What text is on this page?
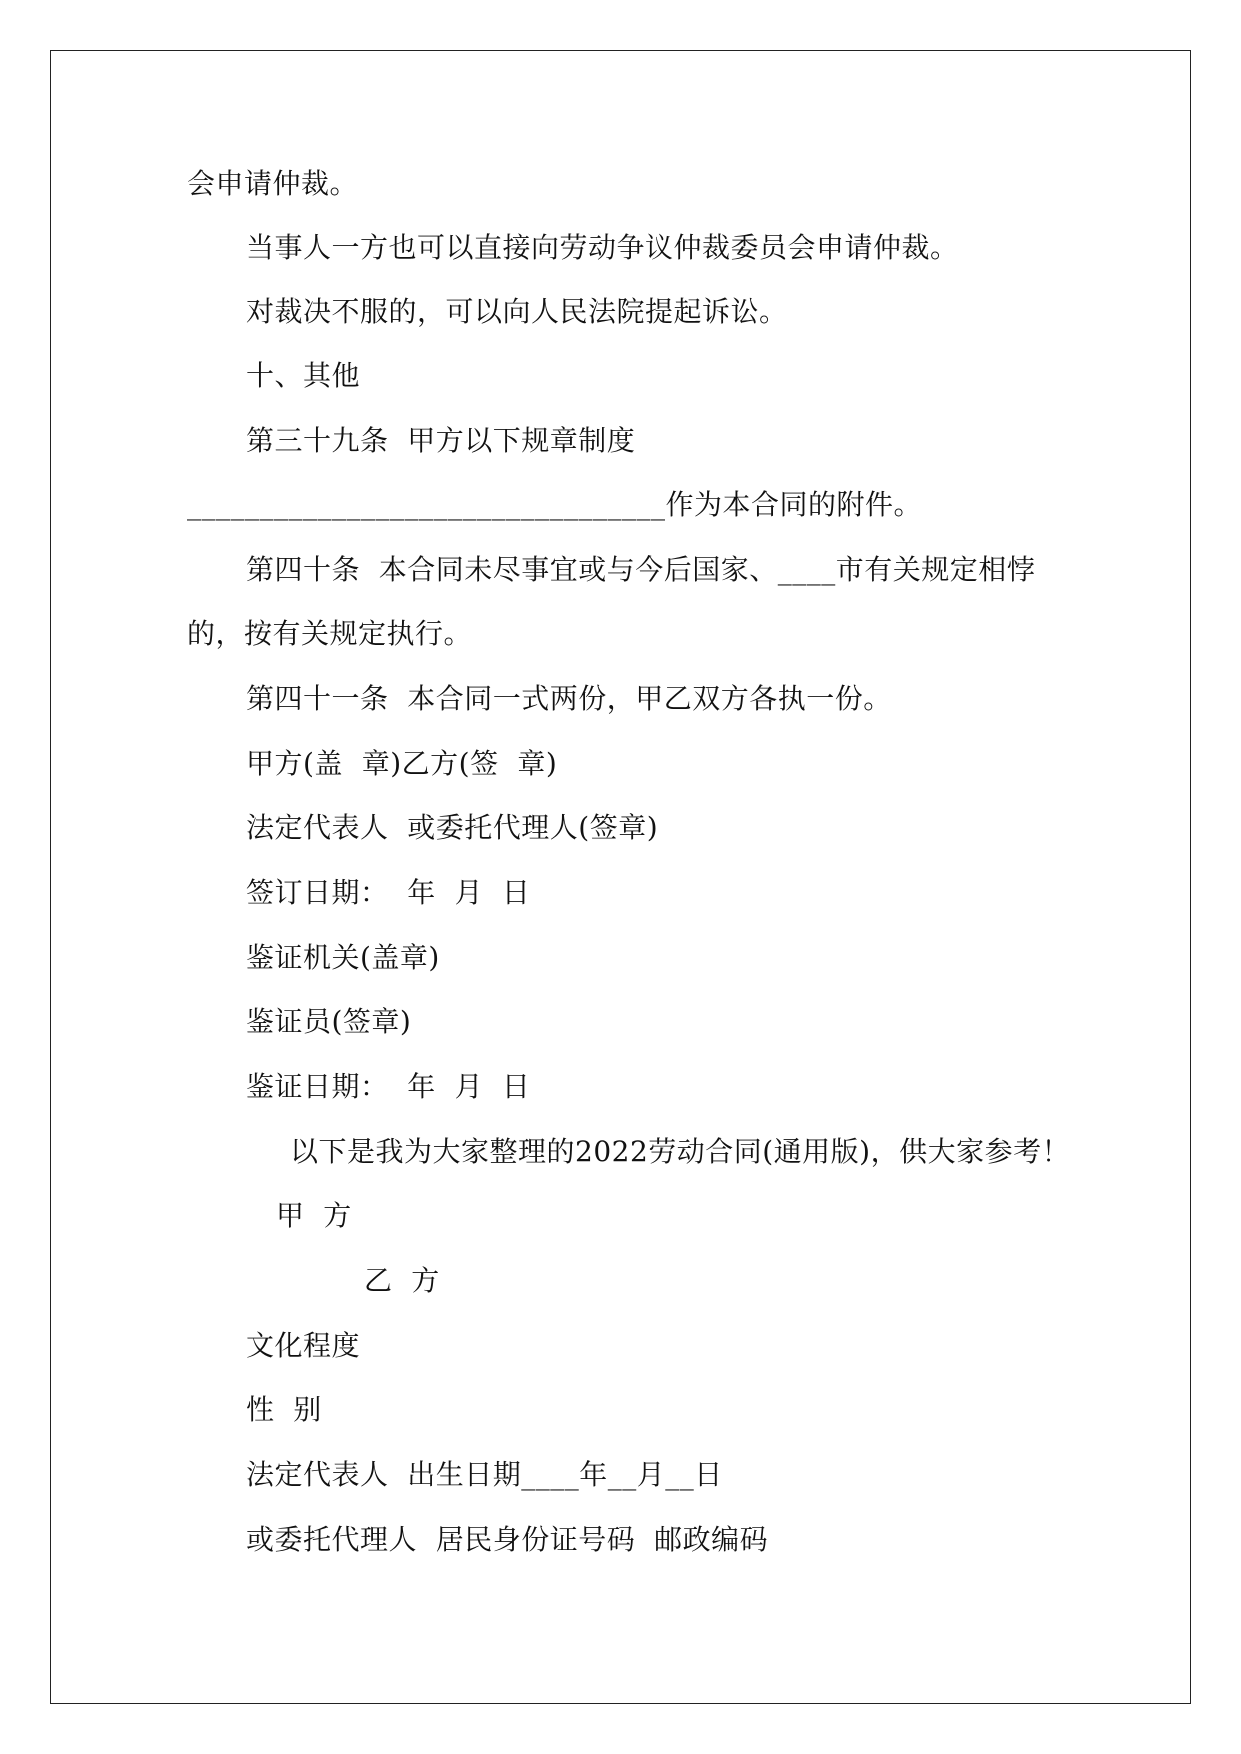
会申请仲裁。
当事人一方也可以直接向劳动争议仲裁委员会申请仲裁。
对裁决不服的，可以向人民法院提起诉讼。
十、其他
第三十九条  甲方以下规章制度
_________________________________作为本合同的附件。
第四十条  本合同未尽事宜或与今后国家、____市有关规定相悖
的，按有关规定执行。
第四十一条  本合同一式两份，甲乙双方各执一份。
甲方(盖  章)乙方(签  章)
法定代表人  或委托代理人(签章)
签订日期：  年  月  日
鉴证机关(盖章)
鉴证员(签章)
鉴证日期：  年  月  日
以下是我为大家整理的2022劳动合同(通用版)，供大家参考！
甲  方
乙  方
文化程度
性  别
法定代表人  出生日期____年__月__日
或委托代理人  居民身份证号码  邮政编码
